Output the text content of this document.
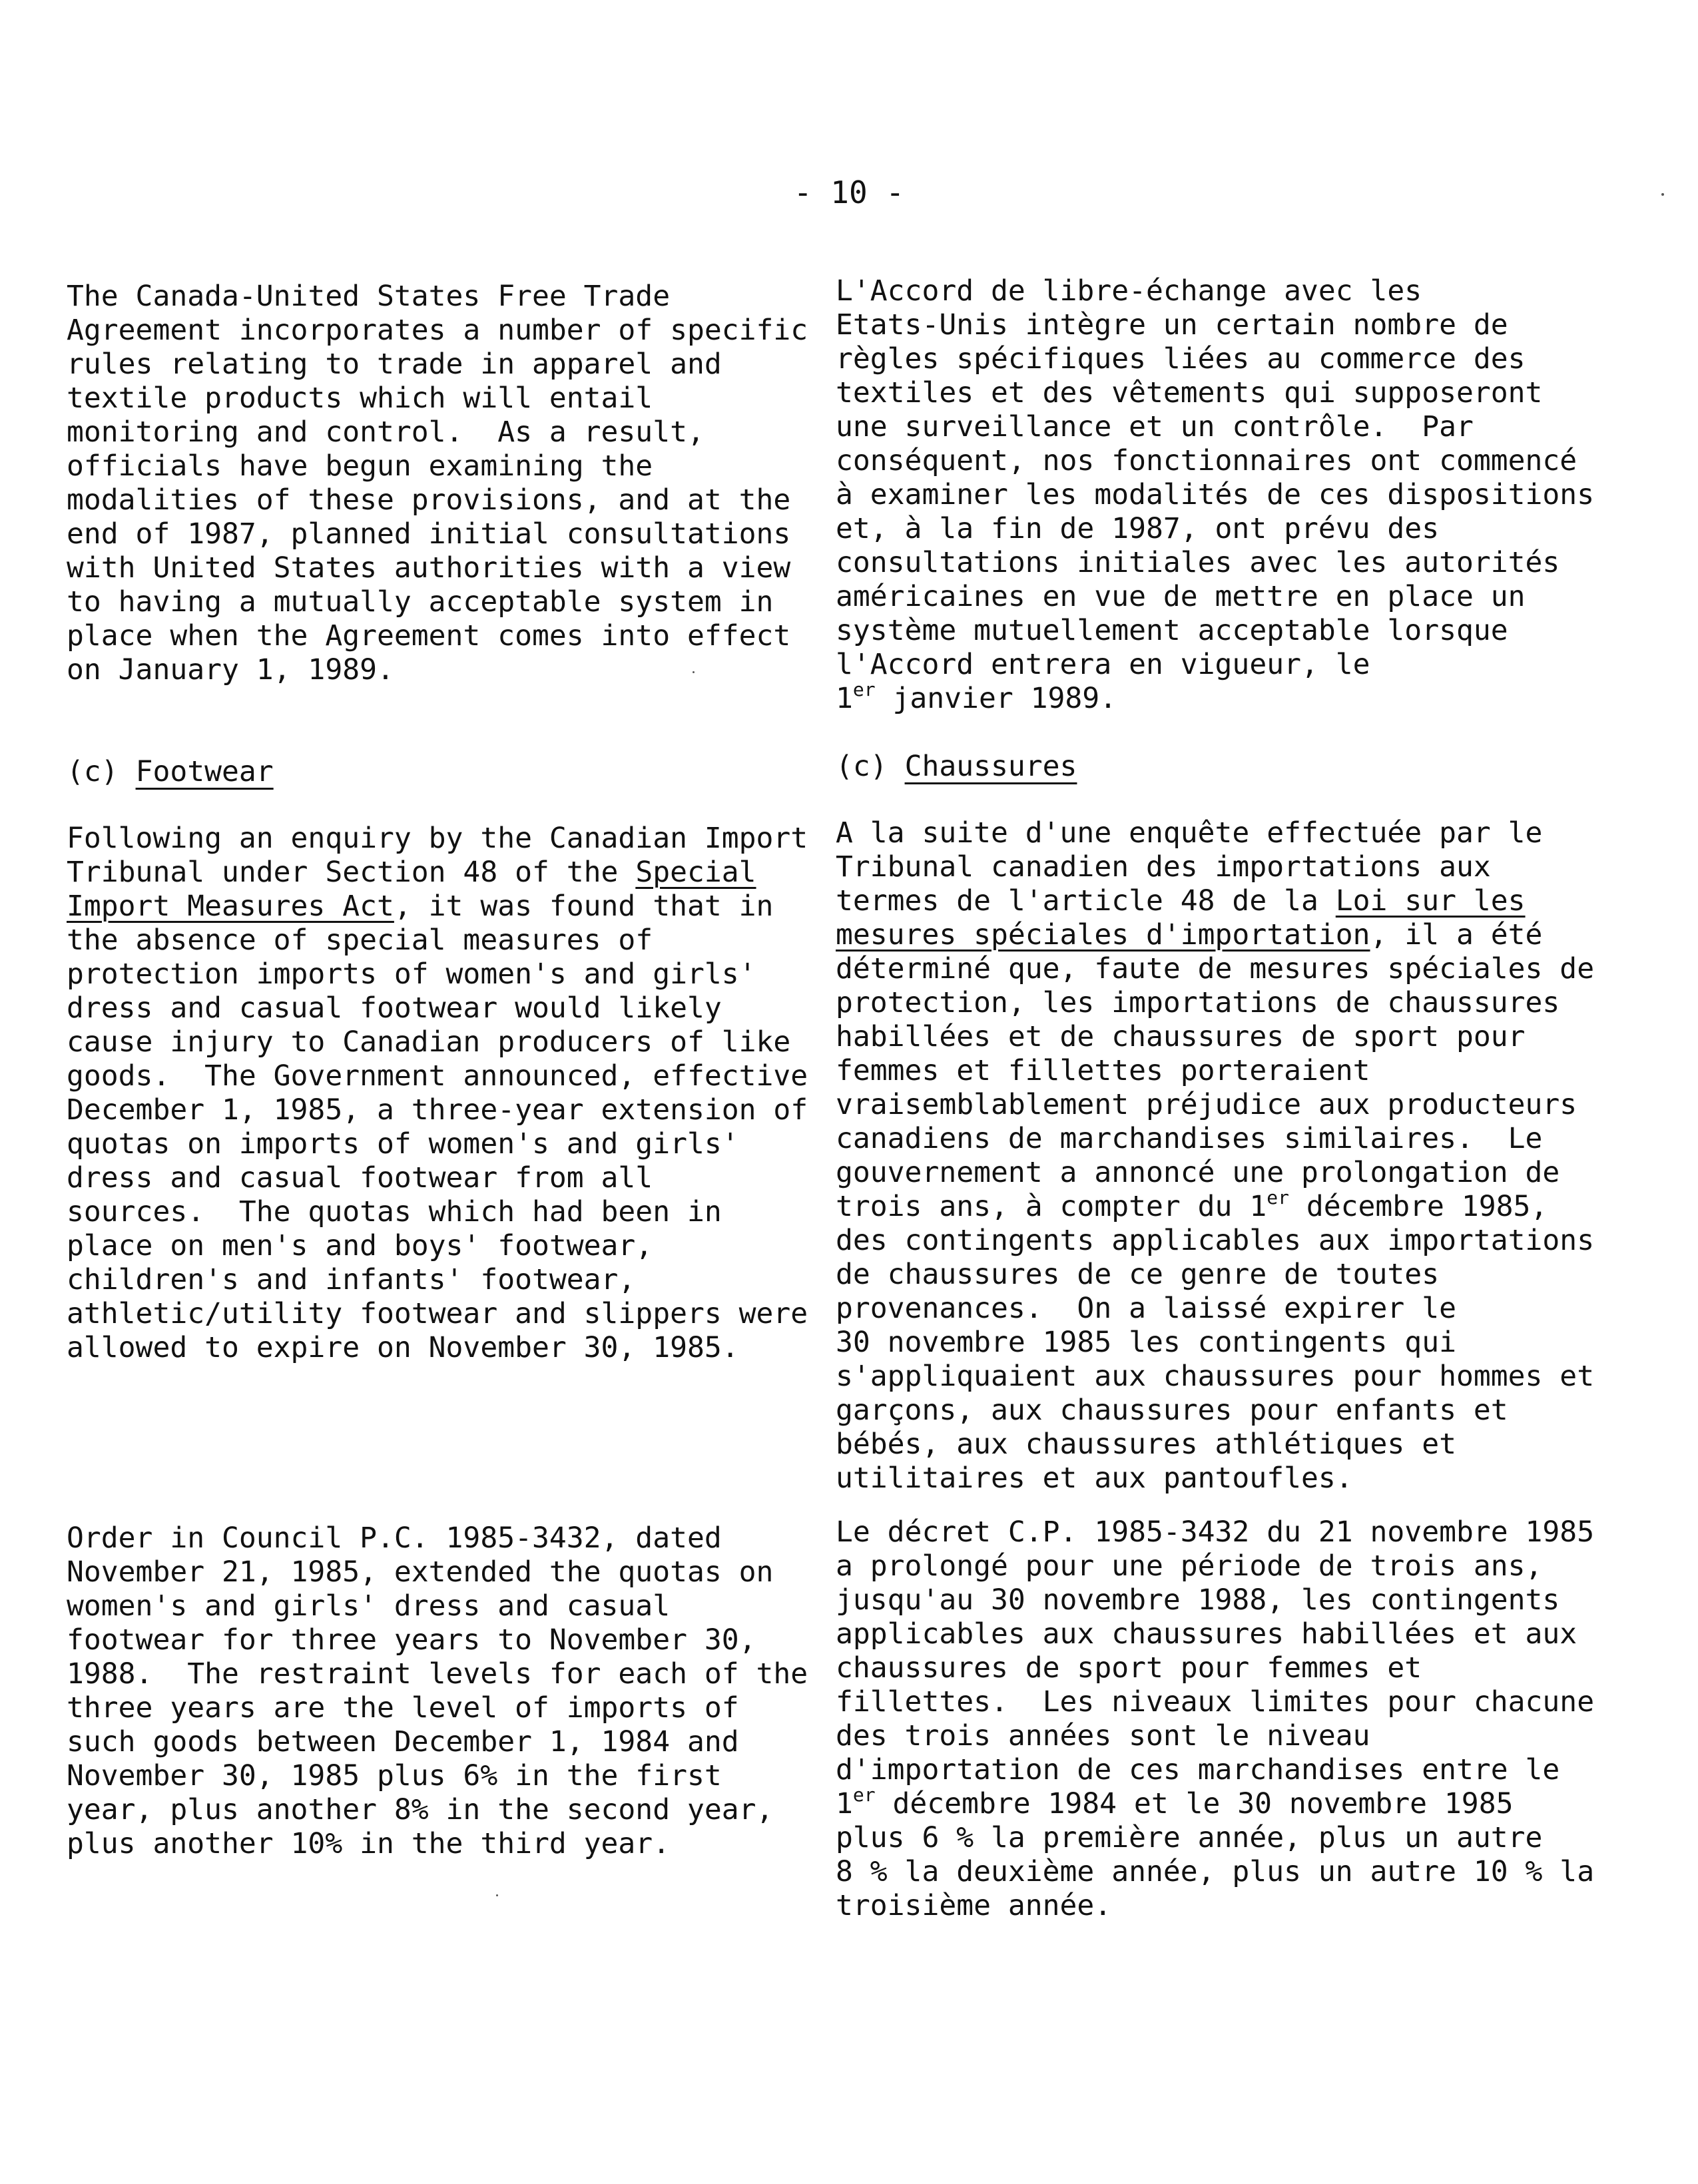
- 10 -
The Canada-United States Free Trade
Agreement incorporates a number of specific
rules relating to trade in apparel and
textile products which will entail
monitoring and control.  As a result,
officials have begun examining the
modalities of these provisions, and at the
end of 1987, planned initial consultations
with United States authorities with a view
to having a mutually acceptable system in
place when the Agreement comes into effect
on January 1, 1989.
(c) Footwear
Following an enquiry by the Canadian Import
Tribunal under Section 48 of the Special
Import Measures Act, it was found that in
the absence of special measures of
protection imports of women's and girls'
dress and casual footwear would likely
cause injury to Canadian producers of like
goods.  The Government announced, effective
December 1, 1985, a three-year extension of
quotas on imports of women's and girls'
dress and casual footwear from all
sources.  The quotas which had been in
place on men's and boys' footwear,
children's and infants' footwear,
athletic/utility footwear and slippers were
allowed to expire on November 30, 1985.
Order in Council P.C. 1985-3432, dated
November 21, 1985, extended the quotas on
women's and girls' dress and casual
footwear for three years to November 30,
1988.  The restraint levels for each of the
three years are the level of imports of
such goods between December 1, 1984 and
November 30, 1985 plus 6% in the first
year, plus another 8% in the second year,
plus another 10% in the third year.
L'Accord de libre-échange avec les
Etats-Unis intègre un certain nombre de
règles spécifiques liées au commerce des
textiles et des vêtements qui supposeront
une surveillance et un contrôle.  Par
conséquent, nos fonctionnaires ont commencé
à examiner les modalités de ces dispositions
et, à la fin de 1987, ont prévu des
consultations initiales avec les autorités
américaines en vue de mettre en place un
système mutuellement acceptable lorsque
l'Accord entrera en vigueur, le
1er janvier 1989.
(c) Chaussures
A la suite d'une enquête effectuée par le
Tribunal canadien des importations aux
termes de l'article 48 de la Loi sur les
mesures spéciales d'importation, il a été
déterminé que, faute de mesures spéciales de
protection, les importations de chaussures
habillées et de chaussures de sport pour
femmes et fillettes porteraient
vraisemblablement préjudice aux producteurs
canadiens de marchandises similaires.  Le
gouvernement a annoncé une prolongation de
trois ans, à compter du 1er décembre 1985,
des contingents applicables aux importations
de chaussures de ce genre de toutes
provenances.  On a laissé expirer le
30 novembre 1985 les contingents qui
s'appliquaient aux chaussures pour hommes et
garçons, aux chaussures pour enfants et
bébés, aux chaussures athlétiques et
utilitaires et aux pantoufles.
Le décret C.P. 1985-3432 du 21 novembre 1985
a prolongé pour une période de trois ans,
jusqu'au 30 novembre 1988, les contingents
applicables aux chaussures habillées et aux
chaussures de sport pour femmes et
fillettes.  Les niveaux limites pour chacune
des trois années sont le niveau
d'importation de ces marchandises entre le
1er décembre 1984 et le 30 novembre 1985
plus 6 % la première année, plus un autre
8 % la deuxième année, plus un autre 10 % la
troisième année.
